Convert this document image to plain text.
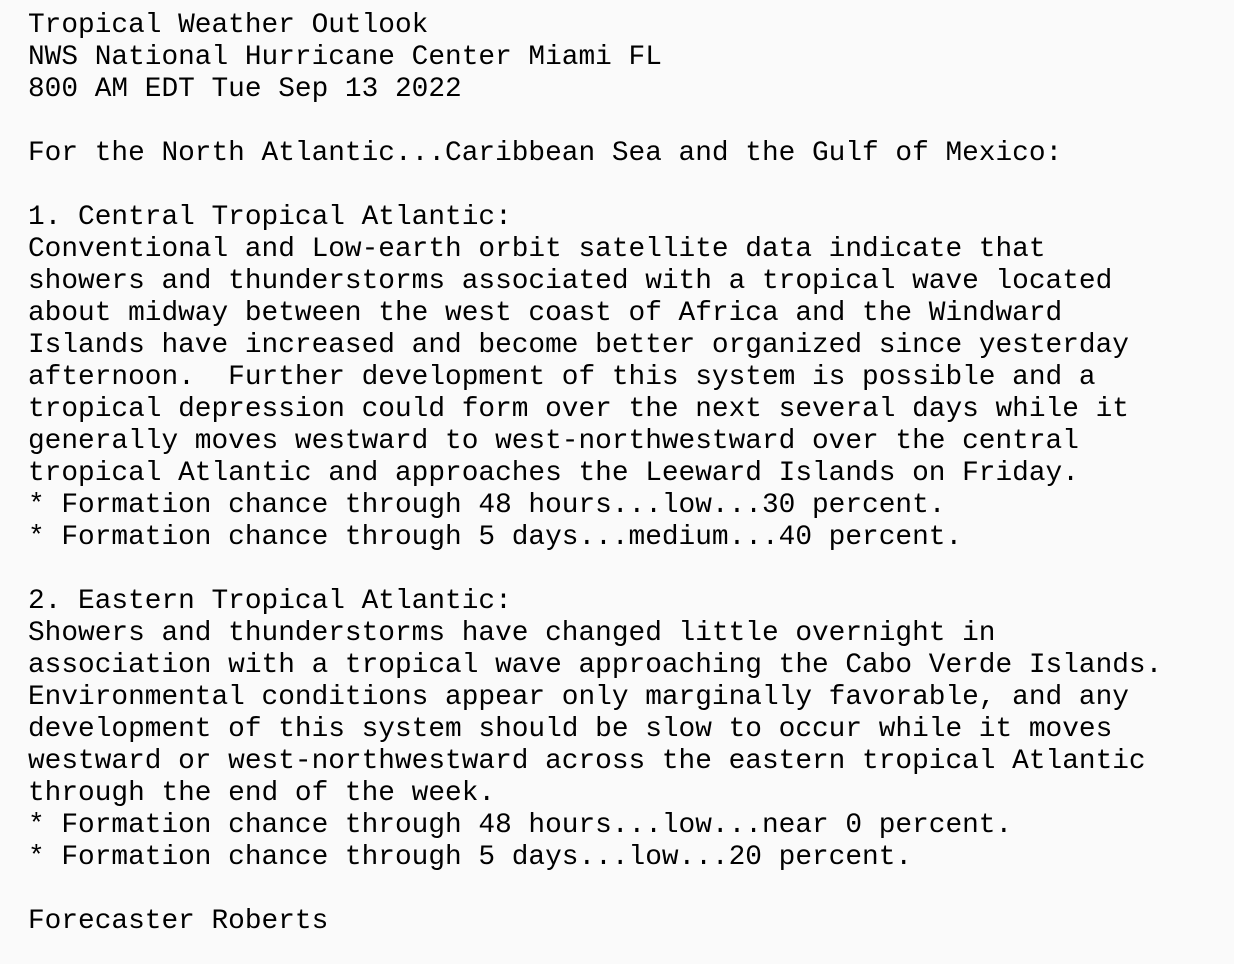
Tropical Weather Outlook
NWS National Hurricane Center Miami FL
800 AM EDT Tue Sep 13 2022
For the North Atlantic...Caribbean Sea and the Gulf of Mexico:
1. Central Tropical Atlantic:
Conventional and Low-earth orbit satellite data indicate that
showers and thunderstorms associated with a tropical wave located
about midway between the west coast of Africa and the Windward
Islands have increased and become better organized since yesterday
afternoon.  Further development of this system is possible and a
tropical depression could form over the next several days while it
generally moves westward to west-northwestward over the central
tropical Atlantic and approaches the Leeward Islands on Friday.
* Formation chance through 48 hours...low...30 percent.
* Formation chance through 5 days...medium...40 percent.
2. Eastern Tropical Atlantic:
Showers and thunderstorms have changed little overnight in
association with a tropical wave approaching the Cabo Verde Islands.
Environmental conditions appear only marginally favorable, and any
development of this system should be slow to occur while it moves
westward or west-northwestward across the eastern tropical Atlantic
through the end of the week.
* Formation chance through 48 hours...low...near 0 percent.
* Formation chance through 5 days...low...20 percent.
Forecaster Roberts
